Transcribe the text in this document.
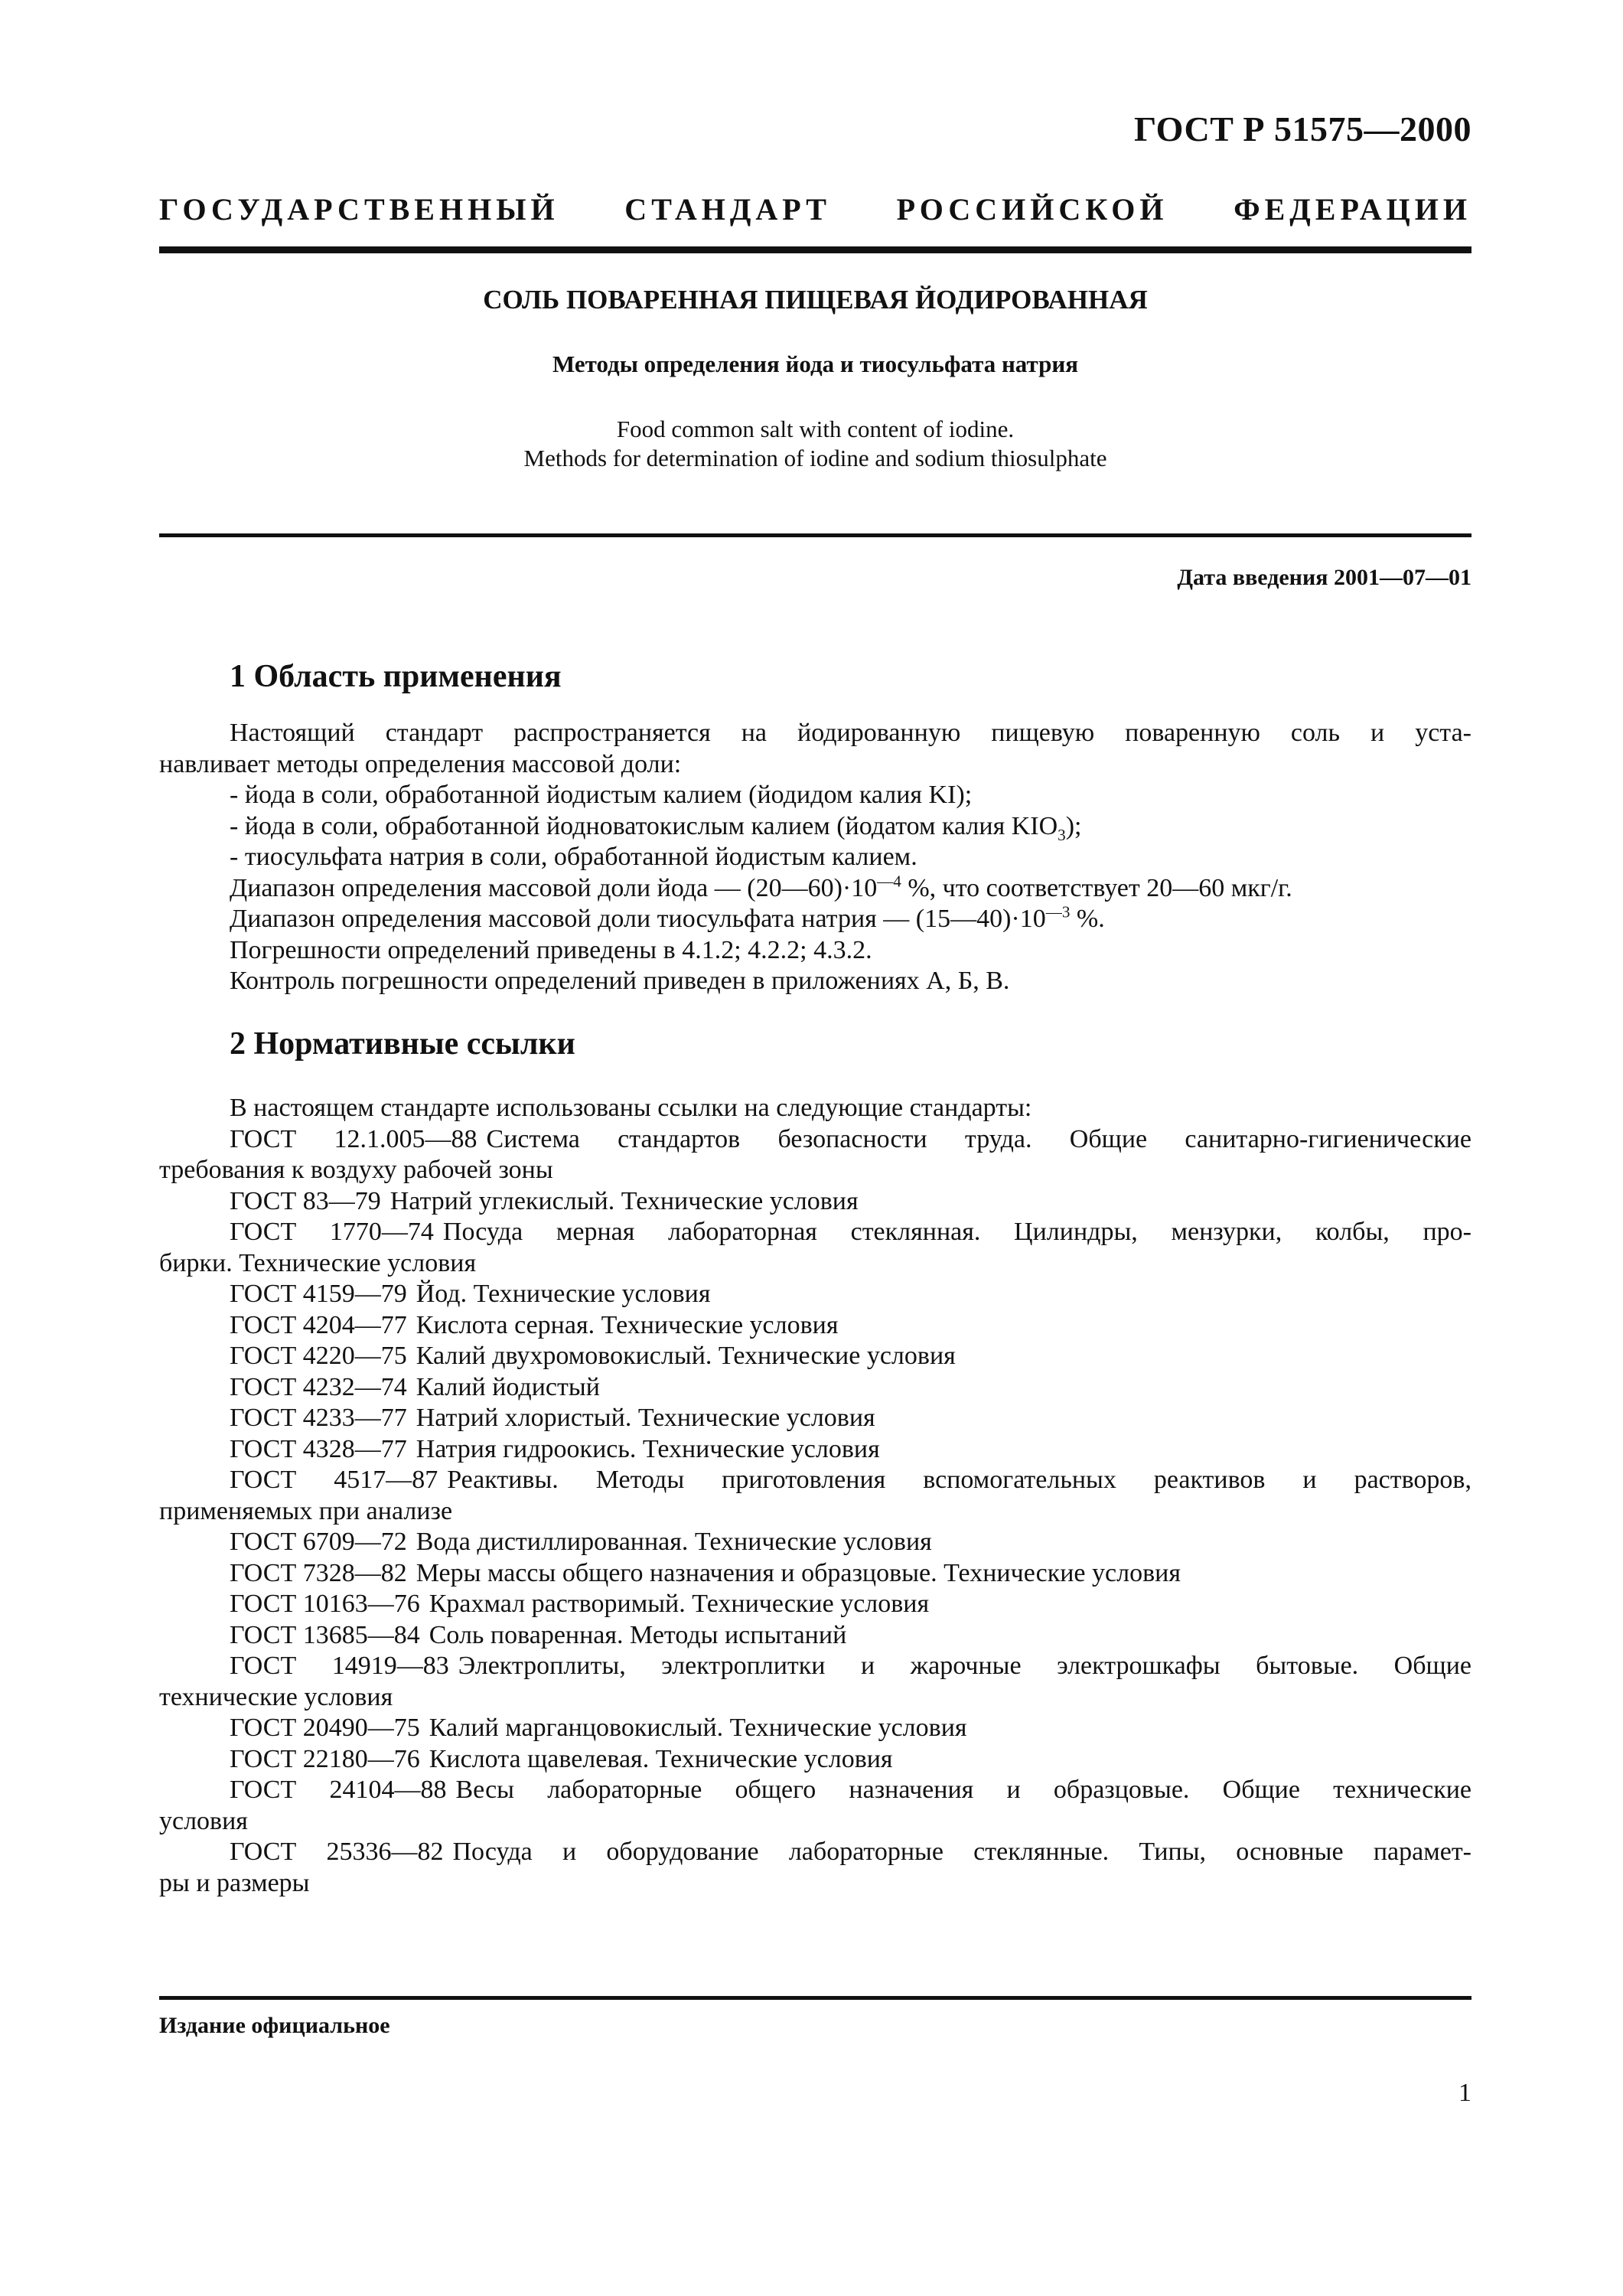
ГОСТ Р 51575—2000
ГОСУДАРСТВЕННЫЙ СТАНДАРТ РОССИЙСКОЙ ФЕДЕРАЦИИ
СОЛЬ ПОВАРЕННАЯ ПИЩЕВАЯ ЙОДИРОВАННАЯ
Методы определения йода и тиосульфата натрия
Food common salt with content of iodine.
Methods for determination of iodine and sodium thiosulphate
Дата введения 2001—07—01
1 Область применения
Настоящий стандарт распространяется на йодированную пищевую поваренную соль и уста-
навливает методы определения массовой доли:
- йода в соли, обработанной йодистым калием (йодидом калия KI);
- йода в соли, обработанной йодноватокислым калием (йодатом калия $KIO_3$);
- тиосульфата натрия в соли, обработанной йодистым калием.
Диапазон определения массовой доли йода — $(20—60)\cdot 10^{—4}$ %, что соответствует 20—60 мкг/г.
Диапазон определения массовой доли тиосульфата натрия — $(15—40)\cdot 10^{—3}$ %.
Погрешности определений приведены в 4.1.2; 4.2.2; 4.3.2.
Контроль погрешности определений приведен в приложениях А, Б, В.
2 Нормативные ссылки
В настоящем стандарте использованы ссылки на следующие стандарты:
ГОСТ 12.1.005—88 Система стандартов безопасности труда. Общие санитарно-гигиенические
требования к воздуху рабочей зоны
ГОСТ 83—79 Натрий углекислый. Технические условия
ГОСТ 1770—74 Посуда мерная лабораторная стеклянная. Цилиндры, мензурки, колбы, про-
бирки. Технические условия
ГОСТ 4159—79 Йод. Технические условия
ГОСТ 4204—77 Кислота серная. Технические условия
ГОСТ 4220—75 Калий двухромовокислый. Технические условия
ГОСТ 4232—74 Калий йодистый
ГОСТ 4233—77 Натрий хлористый. Технические условия
ГОСТ 4328—77 Натрия гидроокись. Технические условия
ГОСТ 4517—87 Реактивы. Методы приготовления вспомогательных реактивов и растворов,
применяемых при анализе
ГОСТ 6709—72 Вода дистиллированная. Технические условия
ГОСТ 7328—82 Меры массы общего назначения и образцовые. Технические условия
ГОСТ 10163—76 Крахмал растворимый. Технические условия
ГОСТ 13685—84 Соль поваренная. Методы испытаний
ГОСТ 14919—83 Электроплиты, электроплитки и жарочные электрошкафы бытовые. Общие
технические условия
ГОСТ 20490—75 Калий марганцовокислый. Технические условия
ГОСТ 22180—76 Кислота щавелевая. Технические условия
ГОСТ 24104—88 Весы лабораторные общего назначения и образцовые. Общие технические
условия
ГОСТ 25336—82 Посуда и оборудование лабораторные стеклянные. Типы, основные парамет-
ры и размеры
Издание официальное
1
